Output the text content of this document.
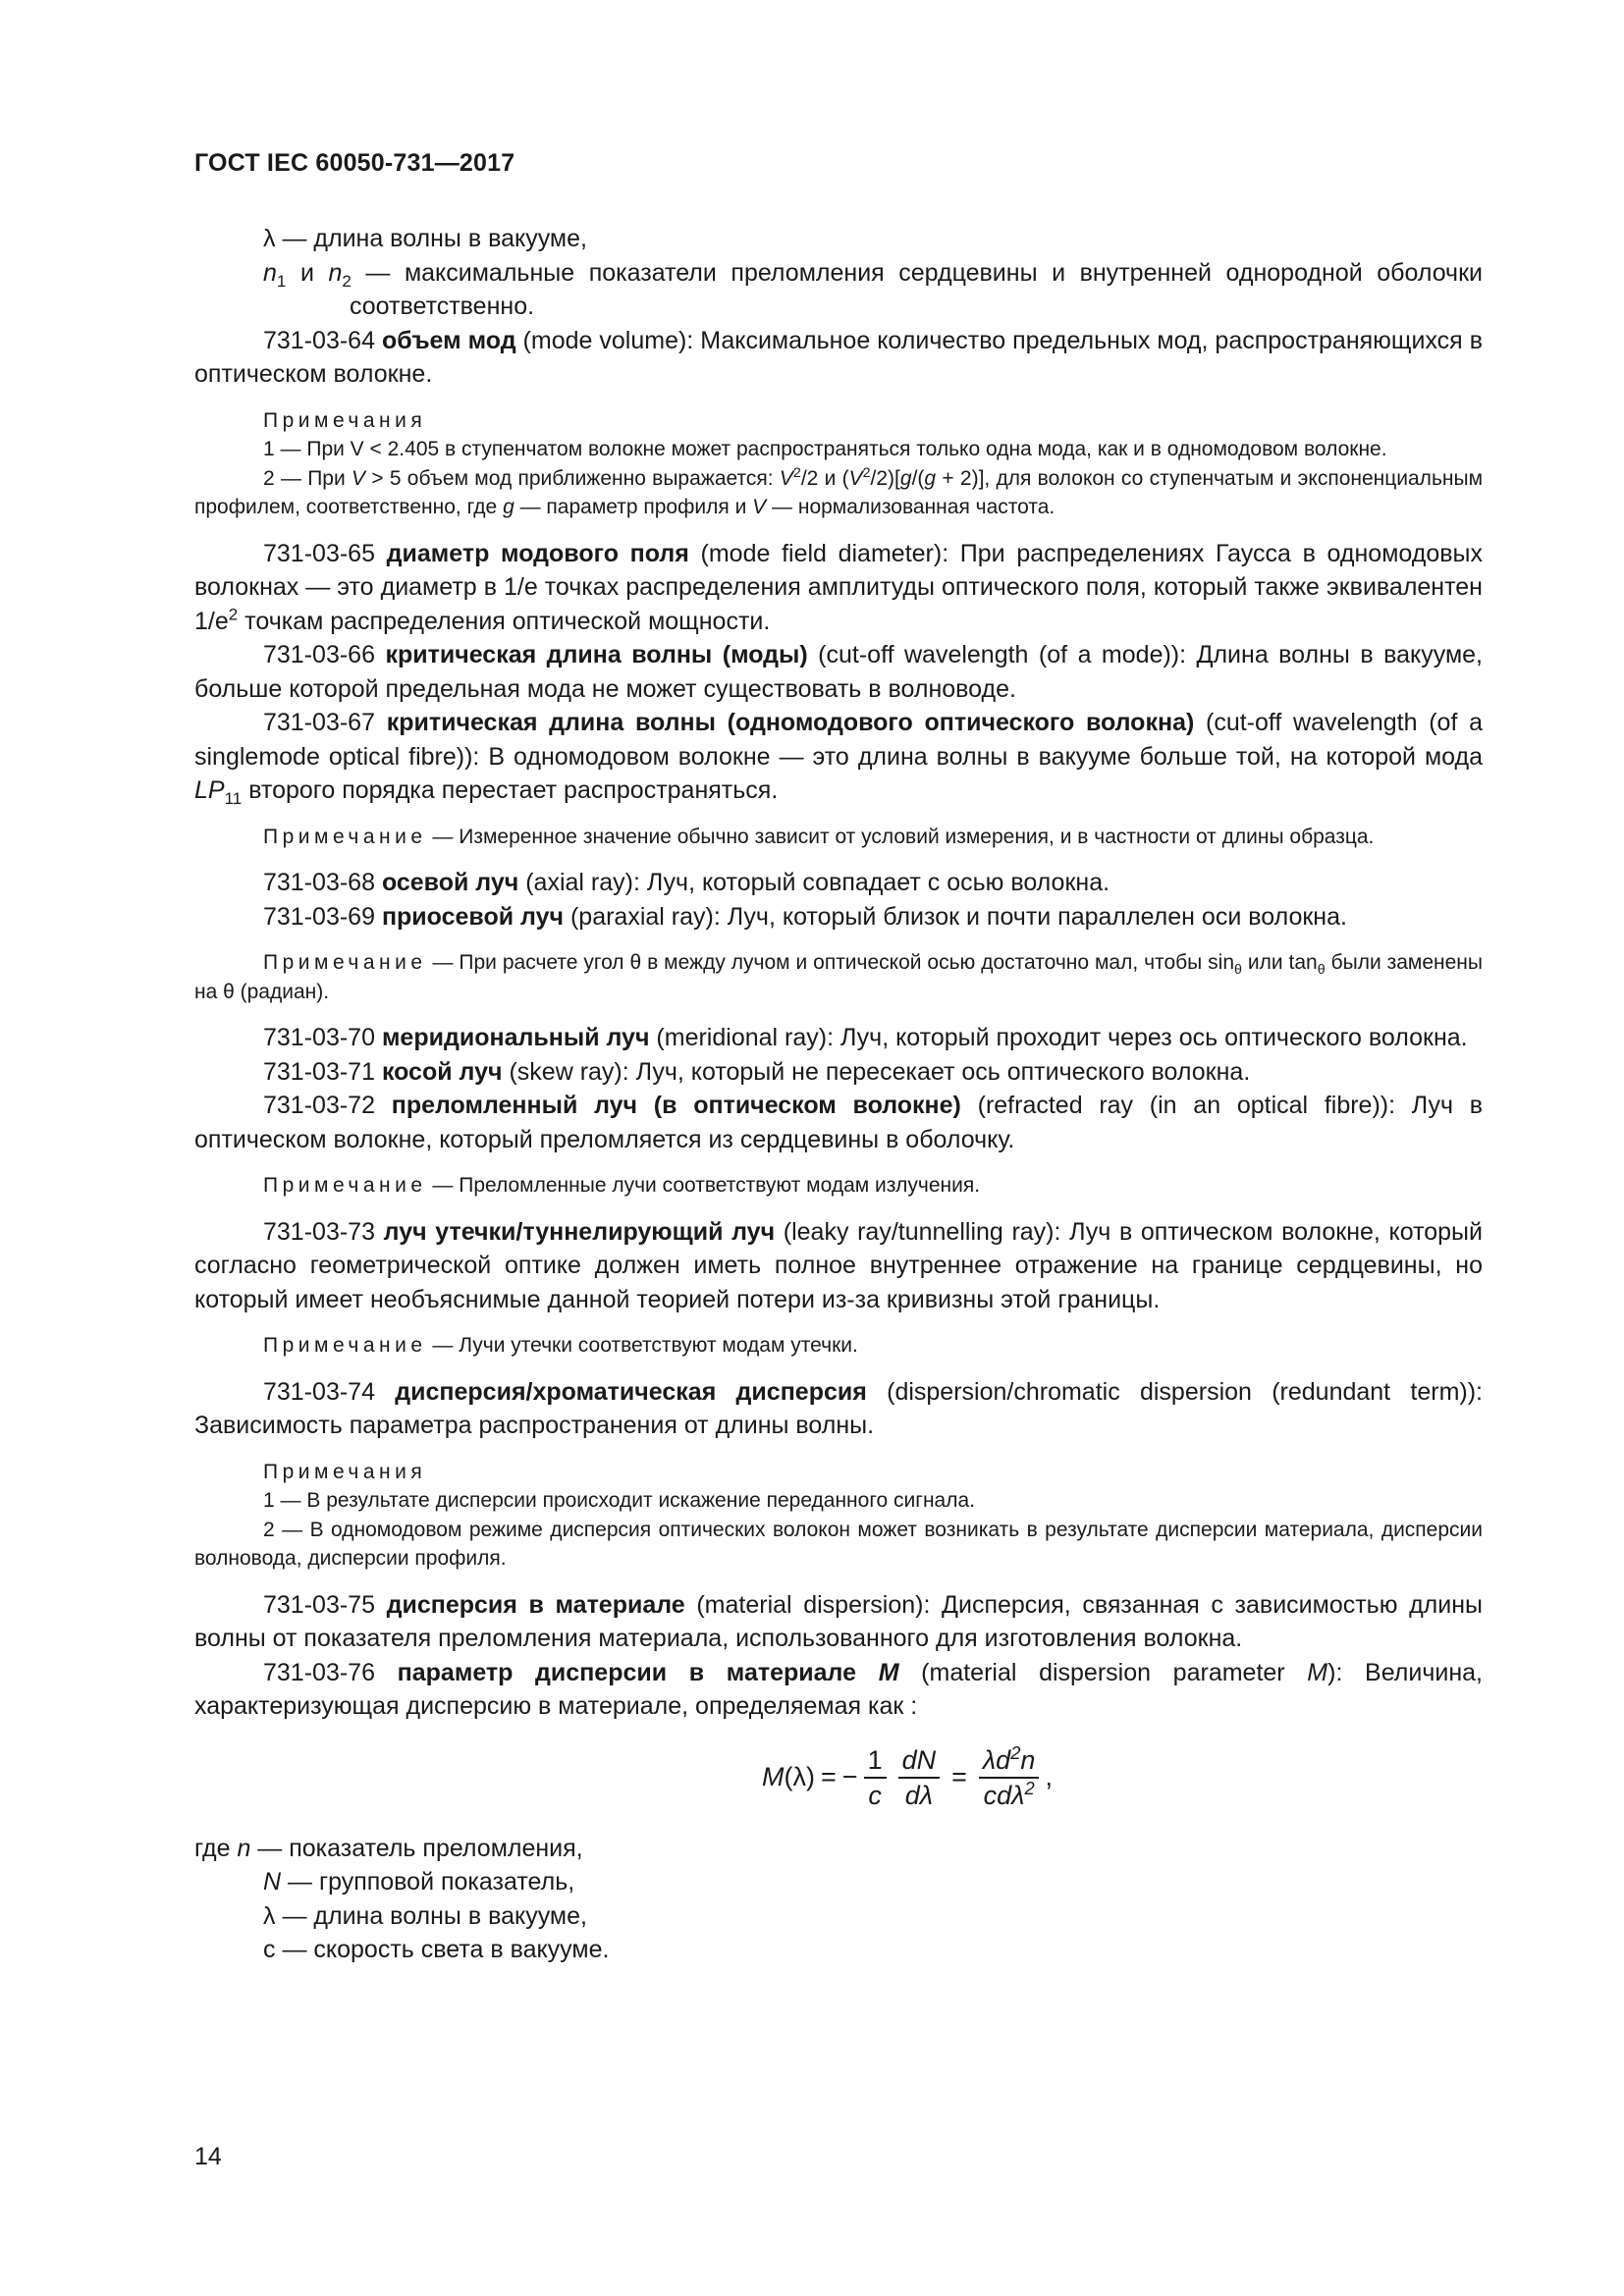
ГОСТ IEC 60050-731—2017

λ — длина волны в вакууме,

$n_1$ и $n_2$ — максимальные показатели преломления сердцевины и внутренней однородной оболочки соответственно.

731-03-64 объем мод (mode volume): Максимальное количество предельных мод, распространяющихся в оптическом волокне.

Примечания

1 — При V < 2.405 в ступенчатом волокне может распространяться только одна мода, как и в одномодовом волокне.

2 — При V > 5 объем мод приближенно выражается: $V^2/2$ и $(V^2/2)[g/(g + 2)]$, для волокон со ступенчатым и экспоненциальным профилем, соответственно, где g — параметр профиля и V — нормализованная частота.

731-03-65 диаметр модового поля (mode field diameter): При распределениях Гаусса в одномодовых волокнах — это диаметр в 1/e точках распределения амплитуды оптического поля, который также эквивалентен $1/e^2$ точкам распределения оптической мощности.

731-03-66 критическая длина волны (моды) (cut-off wavelength (of a mode)): Длина волны в вакууме, больше которой предельная мода не может существовать в волноводе.

731-03-67 критическая длина волны (одномодового оптического волокна) (cut-off wavelength (of a singlemode optical fibre)): В одномодовом волокне — это длина волны в вакууме больше той, на которой мода $LP_{11}$ второго порядка перестает распространяться.

Примечание — Измеренное значение обычно зависит от условий измерения, и в частности от длины образца.

731-03-68 осевой луч (axial ray): Луч, который совпадает с осью волокна.

731-03-69 приосевой луч (paraxial ray): Луч, который близок и почти параллелен оси волокна.

Примечание — При расчете угол θ в между лучом и оптической осью достаточно мал, чтобы $\sin_\theta$ или $\tan_\theta$ были заменены на θ (радиан).

731-03-70 меридиональный луч (meridional ray): Луч, который проходит через ось оптического волокна.

731-03-71 косой луч (skew ray): Луч, который не пересекает ось оптического волокна.

731-03-72 преломленный луч (в оптическом волокне) (refracted ray (in an optical fibre)): Луч в оптическом волокне, который преломляется из сердцевины в оболочку.

Примечание — Преломленные лучи соответствуют модам излучения.

731-03-73 луч утечки/туннелирующий луч (leaky ray/tunnelling ray): Луч в оптическом волокне, который согласно геометрической оптике должен иметь полное внутреннее отражение на границе сердцевины, но который имеет необъяснимые данной теорией потери из-за кривизны этой границы.

Примечание — Лучи утечки соответствуют модам утечки.

731-03-74 дисперсия/хроматическая дисперсия (dispersion/chromatic dispersion (redundant term)): Зависимость параметра распространения от длины волны.

Примечания

1 — В результате дисперсии происходит искажение переданного сигнала.

2 — В одномодовом режиме дисперсия оптических волокон может возникать в результате дисперсии материала, дисперсии волновода, дисперсии профиля.

731-03-75 дисперсия в материале (material dispersion): Дисперсия, связанная с зависимостью длины волны от показателя преломления материала, использованного для изготовления волокна.

731-03-76 параметр дисперсии в материале M (material dispersion parameter M): Величина, характеризующая дисперсию в материале, определяемая как :

M (λ) = − $\frac{1}{c} \frac{dN}{d\lambda} = \frac{\lambda d^2n}{cd\lambda^2}$ ,

где n — показатель преломления,

N — групповой показатель,

λ — длина волны в вакууме,

c — скорость света в вакууме.

14
